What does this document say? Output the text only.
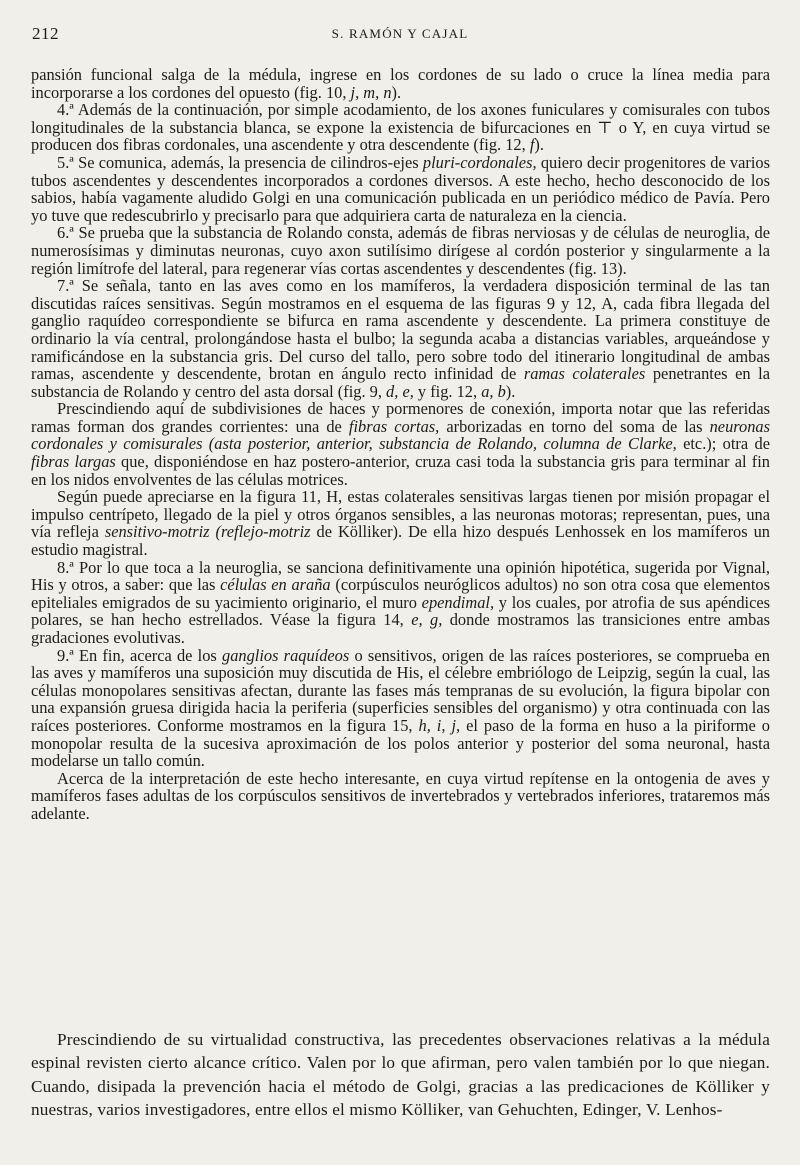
212	S. RAMÓN Y CAJAL

pansión funcional salga de la médula, ingrese en los cordones de su lado o cruce la línea media para incorporarse a los cordones del opuesto (fig. 10, j, m, n).

4.ª Además de la continuación, por simple acodamiento, de los axones funiculares y comisurales con tubos longitudinales de la substancia blanca, se expone la existencia de bifurcaciones en ⊤ o Y, en cuya virtud se producen dos fibras cordonales, una ascendente y otra descendente (fig. 12, f).

5.ª Se comunica, además, la presencia de cilindros-ejes pluri-cordonales, quiero decir progenitores de varios tubos ascendentes y descendentes incorporados a cordones diversos. A este hecho, hecho desconocido de los sabios, había vagamente aludido Golgi en una comunicación publicada en un periódico médico de Pavía. Pero yo tuve que redescubrirlo y precisarlo para que adquiriera carta de naturaleza en la ciencia.

6.ª Se prueba que la substancia de Rolando consta, además de fibras nerviosas y de células de neuroglia, de numerosísimas y diminutas neuronas, cuyo axon sutilísimo dirígese al cordón posterior y singularmente a la región limítrofe del lateral, para regenerar vías cortas ascendentes y descendentes (fig. 13).

7.ª Se señala, tanto en las aves como en los mamíferos, la verdadera disposición terminal de las tan discutidas raíces sensitivas. Según mostramos en el esquema de las figuras 9 y 12, A, cada fibra llegada del ganglio raquídeo correspondiente se bifurca en rama ascendente y descendente. La primera constituye de ordinario la vía central, prolongándose hasta el bulbo; la segunda acaba a distancias variables, arqueándose y ramificándose en la substancia gris. Del curso del tallo, pero sobre todo del itinerario longitudinal de ambas ramas, ascendente y descendente, brotan en ángulo recto infinidad de ramas colaterales penetrantes en la substancia de Rolando y centro del asta dorsal (fig. 9, d, e, y fig. 12, a, b).

Prescindiendo aquí de subdivisiones de haces y pormenores de conexión, importa notar que las referidas ramas forman dos grandes corrientes: una de fibras cortas, arborizadas en torno del soma de las neuronas cordonales y comisurales (asta posterior, anterior, substancia de Rolando, columna de Clarke, etc.); otra de fibras largas que, disponiéndose en haz postero-anterior, cruza casi toda la substancia gris para terminar al fin en los nidos envolventes de las células motrices.

Según puede apreciarse en la figura 11, H, estas colaterales sensitivas largas tienen por misión propagar el impulso centrípeto, llegado de la piel y otros órganos sensibles, a las neuronas motoras; representan, pues, una vía refleja sensitivo-motriz (reflejo-motriz de Kölliker). De ella hizo después Lenhossek en los mamíferos un estudio magistral.

8.ª Por lo que toca a la neuroglia, se sanciona definitivamente una opinión hipotética, sugerida por Vignal, His y otros, a saber: que las células en araña (corpúsculos neuróglicos adultos) no son otra cosa que elementos epiteliales emigrados de su yacimiento originario, el muro ependimal, y los cuales, por atrofia de sus apéndices polares, se han hecho estrellados. Véase la figura 14, e, g, donde mostramos las transiciones entre ambas gradaciones evolutivas.

9.ª En fin, acerca de los ganglios raquídeos o sensitivos, origen de las raíces posteriores, se comprueba en las aves y mamíferos una suposición muy discutida de His, el célebre embriólogo de Leipzig, según la cual, las células monopolares sensitivas afectan, durante las fases más tempranas de su evolución, la figura bipolar con una expansión gruesa dirigida hacia la periferia (superficies sensibles del organismo) y otra continuada con las raíces posteriores. Conforme mostramos en la figura 15, h, i, j, el paso de la forma en huso a la piriforme o monopolar resulta de la sucesiva aproximación de los polos anterior y posterior del soma neuronal, hasta modelarse un tallo común.

Acerca de la interpretación de este hecho interesante, en cuya virtud repítense en la ontogenia de aves y mamíferos fases adultas de los corpúsculos sensitivos de invertebrados y vertebrados inferiores, trataremos más adelante.

Prescindiendo de su virtualidad constructiva, las precedentes observaciones relativas a la médula espinal revisten cierto alcance crítico. Valen por lo que afirman, pero valen también por lo que niegan. Cuando, disipada la prevención hacia el método de Golgi, gracias a las predicaciones de Kölliker y nuestras, varios investigadores, entre ellos el mismo Kölliker, van Gehuchten, Edinger, V. Lenhos-
